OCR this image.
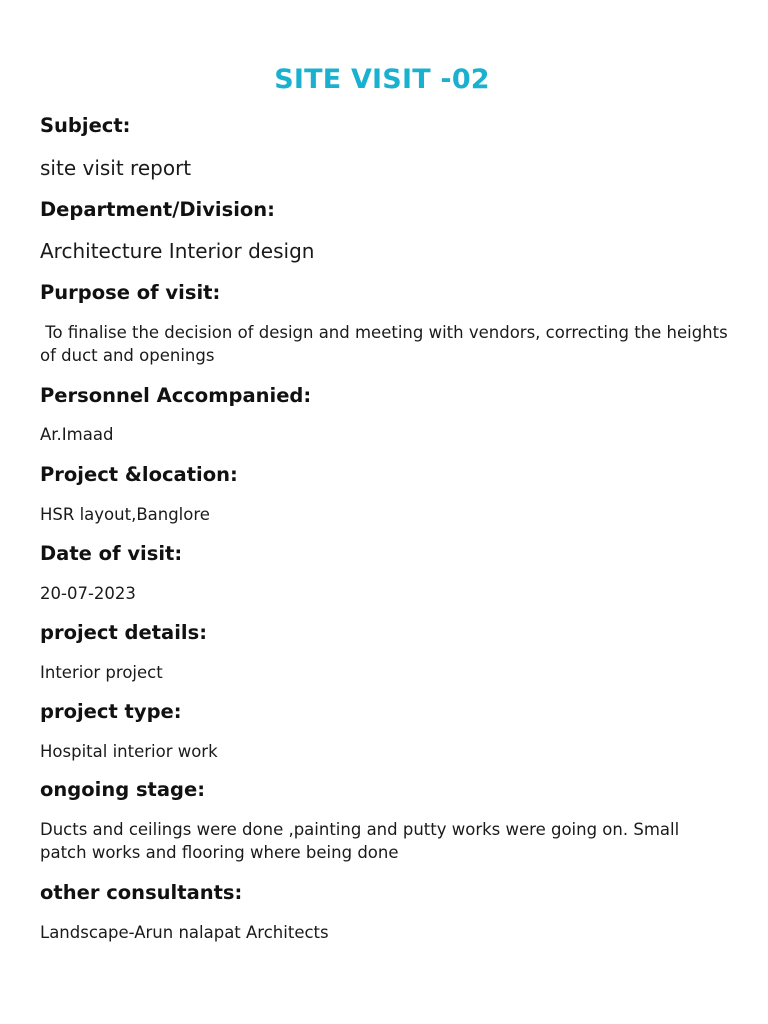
SITE VISIT -02
Subject:
site visit report
Department/Division:
Architecture Interior design
Purpose of visit:
To finalise the decision of design and meeting with vendors, correcting the heights of duct and openings
Personnel Accompanied:
Ar.Imaad
Project &location:
HSR layout,Banglore
Date of visit:
20-07-2023
project details:
Interior project
project type:
Hospital interior work
ongoing stage:
Ducts and ceilings were done ,painting and putty works were going on. Small patch works and flooring where being done
other consultants:
Landscape-Arun nalapat Architects
